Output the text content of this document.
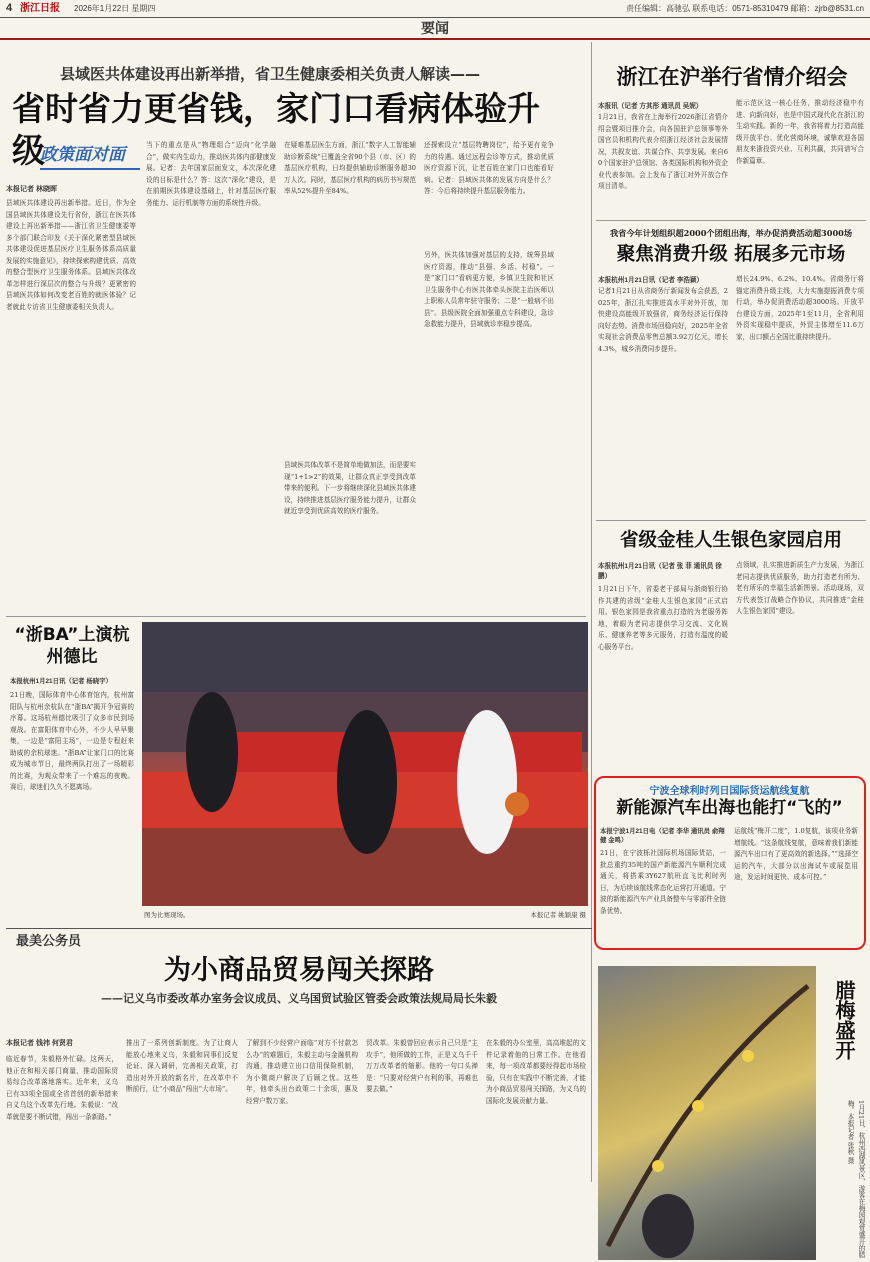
4 浙江日报 2026年1月22日 星期四	责任编辑：高驰弘 联系电话：0571-85310479 邮箱：zjrb@8531.cn
要闻
县域医共体建设再出新举措，省卫生健康委相关负责人解读——
省时省力更省钱，家门口看病体验升级
政策面对面
本报记者 林晓晖
县域医共体建设再出新举措。近日，作为全国县域医共体建设先行省份，浙江在医共体建设上再出新举措——浙江省卫生健康委等多个部门联合印发《关于深化紧密型县域医共体建设促进基层医疗卫生服务体系高质量发展的实施意见》，持续探索构建优质、高效的整合型医疗卫生服务体系。县域医共体改革怎样进行深层次的整合与升级？更紧密的县域医共体如何改变老百姓的就医体验？记者就此专访省卫生健康委相关负责人。
当下的重点是从“物理组合”迈向“化学融合”，做实内生动力，推动医共体内部健康发展。记者：去年国家层面发文，本次深化建设的目标是什么？答：这次“深化”建设，是在前期医共体建设基础上，针对基层医疗服务能力、运行机制等方面的系统性升级。
在疑难基层医生方面，浙江“数字人工智能辅助诊断系统”已覆盖全省90个县（市、区）的基层医疗机构，日均提供辅助诊断服务超30万人次。同时，基层医疗机构的病历书写规范率从52%提升至84%。
还探索设立“基层特聘岗位”，给予更有竞争力的待遇。通过远程会诊等方式，推动优质医疗资源下沉，让老百姓在家门口也能看好病。记者：县域医共体的发展方向是什么？答：今后将持续提升基层服务能力。
另外，医共体加强对基层的支持，统筹县域医疗资源，推动“县强、乡活、村稳”。一是“家门口”看病更方便，乡镇卫生院和社区卫生服务中心有医共体牵头医院主治医师以上职称人员常年驻守服务；二是“一般病不出县”。县级医院全面加强重点专科建设，急诊急救能力提升，县域就诊率稳步提高。
县域医共体改革不是简单地做加法，而是要实现“1+1>2”的效果，让群众真正享受到改革带来的便利。下一步将继续深化县域医共体建设，持续推进基层医疗服务能力提升，让群众就近享受到优质高效的医疗服务。
浙江在沪举行省情介绍会
本报讯（记者 方其彤 通讯员 吴妮）
1月21日，我省在上海举行2026浙江省情介绍会暨项目推介会，向各国驻沪总领事等外国官员和机构代表介绍浙江经济社会发展情况，共叙友谊、共谋合作、共享发展。来自60个国家驻沪总领馆、各类国际机构和外资企业代表参加。会上发布了浙江对外开放合作项目清单。
能示范区这一核心任务，推动经济稳中有进、向新向好，也是中国式现代化在浙江的生动实践。新的一年，我省将着力打造高能级开放平台、优化营商环境，诚挚欢迎各国朋友来浙投资兴业、互利共赢，共同谱写合作新篇章。
我省今年计划组织超2000个团组出海，举办促消费活动超3000场
聚焦消费升级 拓展多元市场
本报杭州1月21日讯（记者 李浩颖）
记者1月21日从省商务厅新闻发布会获悉，2025年，浙江扎实推进高水平对外开放，加快建设高能级开放强省，商务经济运行保持向好态势。消费市场回稳向好，2025年全省实现社会消费品零售总额3.92万亿元，增长4.3%，城乡消费同步提升。
增长24.9%、6.2%、10.4%。省商务厅将锚定消费升级主线，大力实施提振消费专项行动，举办促消费活动超3000场。开放平台建设方面，2025年1至11月，全省利用外资实现稳中提质，外贸主体增至11.6万家，出口额占全国比重持续提升。
省级金桂人生银色家园启用
本报杭州1月21日讯（记者 张 菲 通讯员 徐鹏）
1月21日下午，省委老干部局与浙商银行协作共建的省级“金桂人生银色家园”正式启用。银色家园是我省重点打造的为老服务阵地，着眼为老同志提供学习交流、文化娱乐、健康养老等多元服务，打造有温度的暖心服务平台。
点领域，扎实推进新质生产力发展，为浙江老同志提供优质服务，助力打造老有所为、老有所乐的幸福生活新图景。活动现场，双方代表签订战略合作协议，共同推进“金桂人生银色家园”建设。
宁波全球利时列日国际货运航线复航
新能源汽车出海也能打“飞的”
本报宁波1月21日电（记者 李华 通讯员 俞翔健 金鸣）
21日，在宁波栎社国际机场国际货站，一批总重约35吨的国产新能源汽车顺利完成通关，将搭乘3Y627航班直飞比利时列日，为后续该航线常态化运营打开通道。宁波的新能源汽车产业具备整车与零部件全链条优势。
运航线“梅开二度”，1.0复航，该项业务新增航线。“这条航线复航，意味着我们新能源汽车出口有了更高效的新选择。”“选择空运的汽车，大部分以出海试车或展览用途，发运时间更快、成本可控。”
“浙BA”上演杭州德比
本报杭州1月21日讯（记者 杨晓宇）
21日晚，国际体育中心体育馆内，杭州富阳队与杭州余杭队在“浙BA”揭开争冠赛的序幕。这场杭州德比吸引了众多市民到场观战。在富阳体育中心外，不少人早早聚集，一边是“富阳主场”，一边是专程赶来助威的余杭球迷。“浙BA”让家门口的比赛成为城市节日，最终两队打出了一场精彩的比赛，为观众带来了一个难忘的夜晚。赛后，球迷们久久不愿离场。
图为比赛现场。	本报记者 姚颖康 摄
最美公务员
为小商品贸易闯关探路
——记义乌市委改革办室务会议成员、义乌国贸试验区管委会政策法规局局长朱毅
本报记者 钱祎 何贤君
临近春节，朱毅格外忙碌。这两天，他正在和相关部门商量，推动国际贸易综合改革落地落实。近年来，义乌已有33项全国或全省首创的新举措来自义乌这个改革先行地。朱毅说：“改革就是要不断试错，闯出一条新路。”
推出了一系列创新制度。为了让商人能放心地来义乌，朱毅和同事们反复论证、深入调研，完善相关政策，打造出对外开放的新名片，在改革中不断前行，让“小商品”闯出“大市场”。
了解到不少经营户面临“对方不付款怎么办”的难题后，朱毅主动与金融机构沟通，推动建立出口信用保险机制，为小微商户解决了后顾之忧。这些年，他牵头出台政策二十余项，惠及经营户数万家。
贸改革。朱毅曾回应表示自己只是“主攻手”，他所做的工作，正是义乌千千万万改革者的缩影。他的一句口头禅是：“只要对经营户有利的事，再难也要去做。”
在朱毅的办公室里，高高堆起的文件记录着他的日常工作。在他看来，每一项改革都要经得起市场检验，只有在实践中不断完善，才能为小商品贸易闯关探路，为义乌的国际化发展贡献力量。
腊梅盛开
1月21日，杭州西湖风景区，游客在梅园观赏盛开的腊梅。本报记者 张秋 摄
